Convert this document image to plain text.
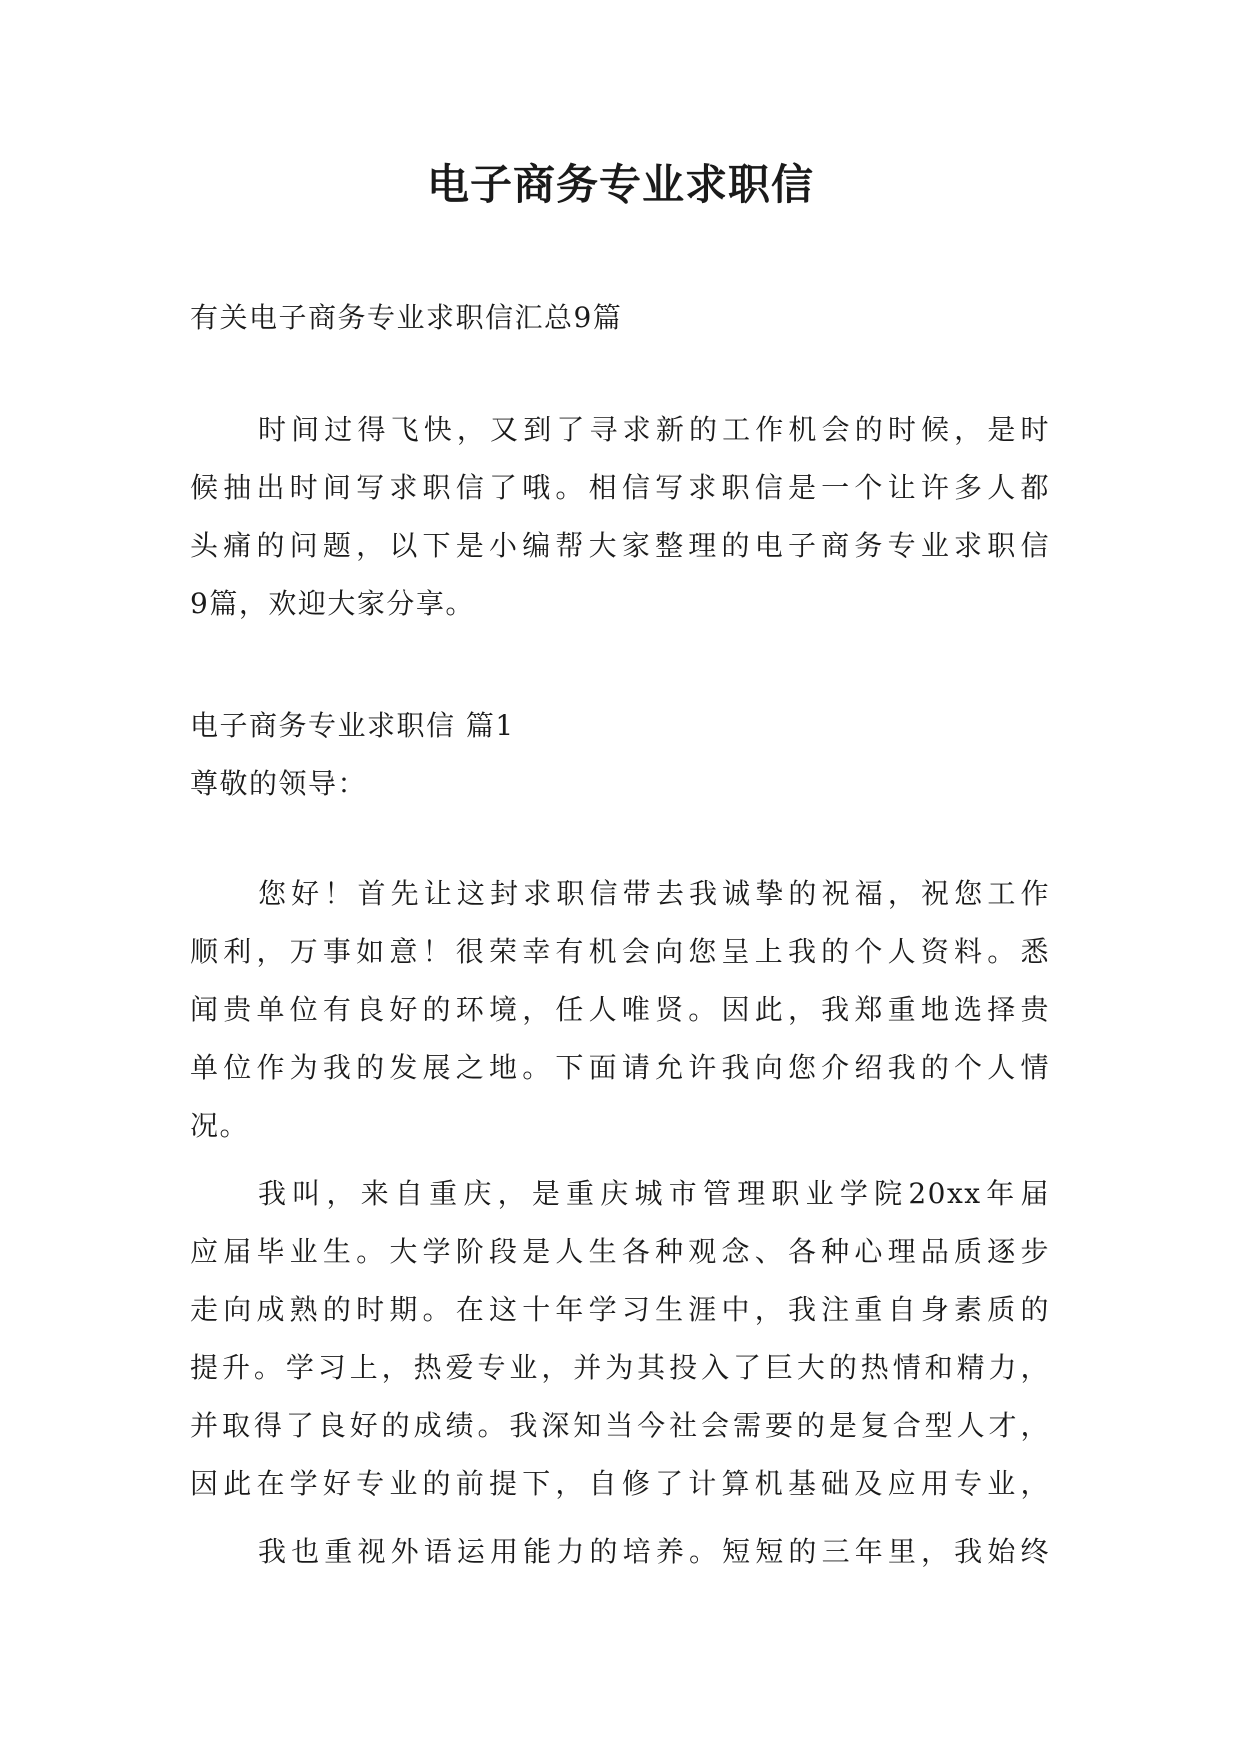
电子商务专业求职信
有关电子商务专业求职信汇总9篇
时间过得飞快，又到了寻求新的工作机会的时候，是时
候抽出时间写求职信了哦。相信写求职信是一个让许多人都
头痛的问题，以下是小编帮大家整理的电子商务专业求职信
9篇，欢迎大家分享。
电子商务专业求职信 篇1
尊敬的领导：
您好！首先让这封求职信带去我诚挚的祝福，祝您工作
顺利，万事如意！很荣幸有机会向您呈上我的个人资料。悉
闻贵单位有良好的环境，任人唯贤。因此，我郑重地选择贵
单位作为我的发展之地。下面请允许我向您介绍我的个人情
况。
我叫，来自重庆，是重庆城市管理职业学院20xx年届
应届毕业生。大学阶段是人生各种观念、各种心理品质逐步
走向成熟的时期。在这十年学习生涯中，我注重自身素质的
提升。学习上，热爱专业，并为其投入了巨大的热情和精力，
并取得了良好的成绩。我深知当今社会需要的是复合型人才，
因此在学好专业的前提下，自修了计算机基础及应用专业，
我也重视外语运用能力的培养。短短的三年里，我始终
